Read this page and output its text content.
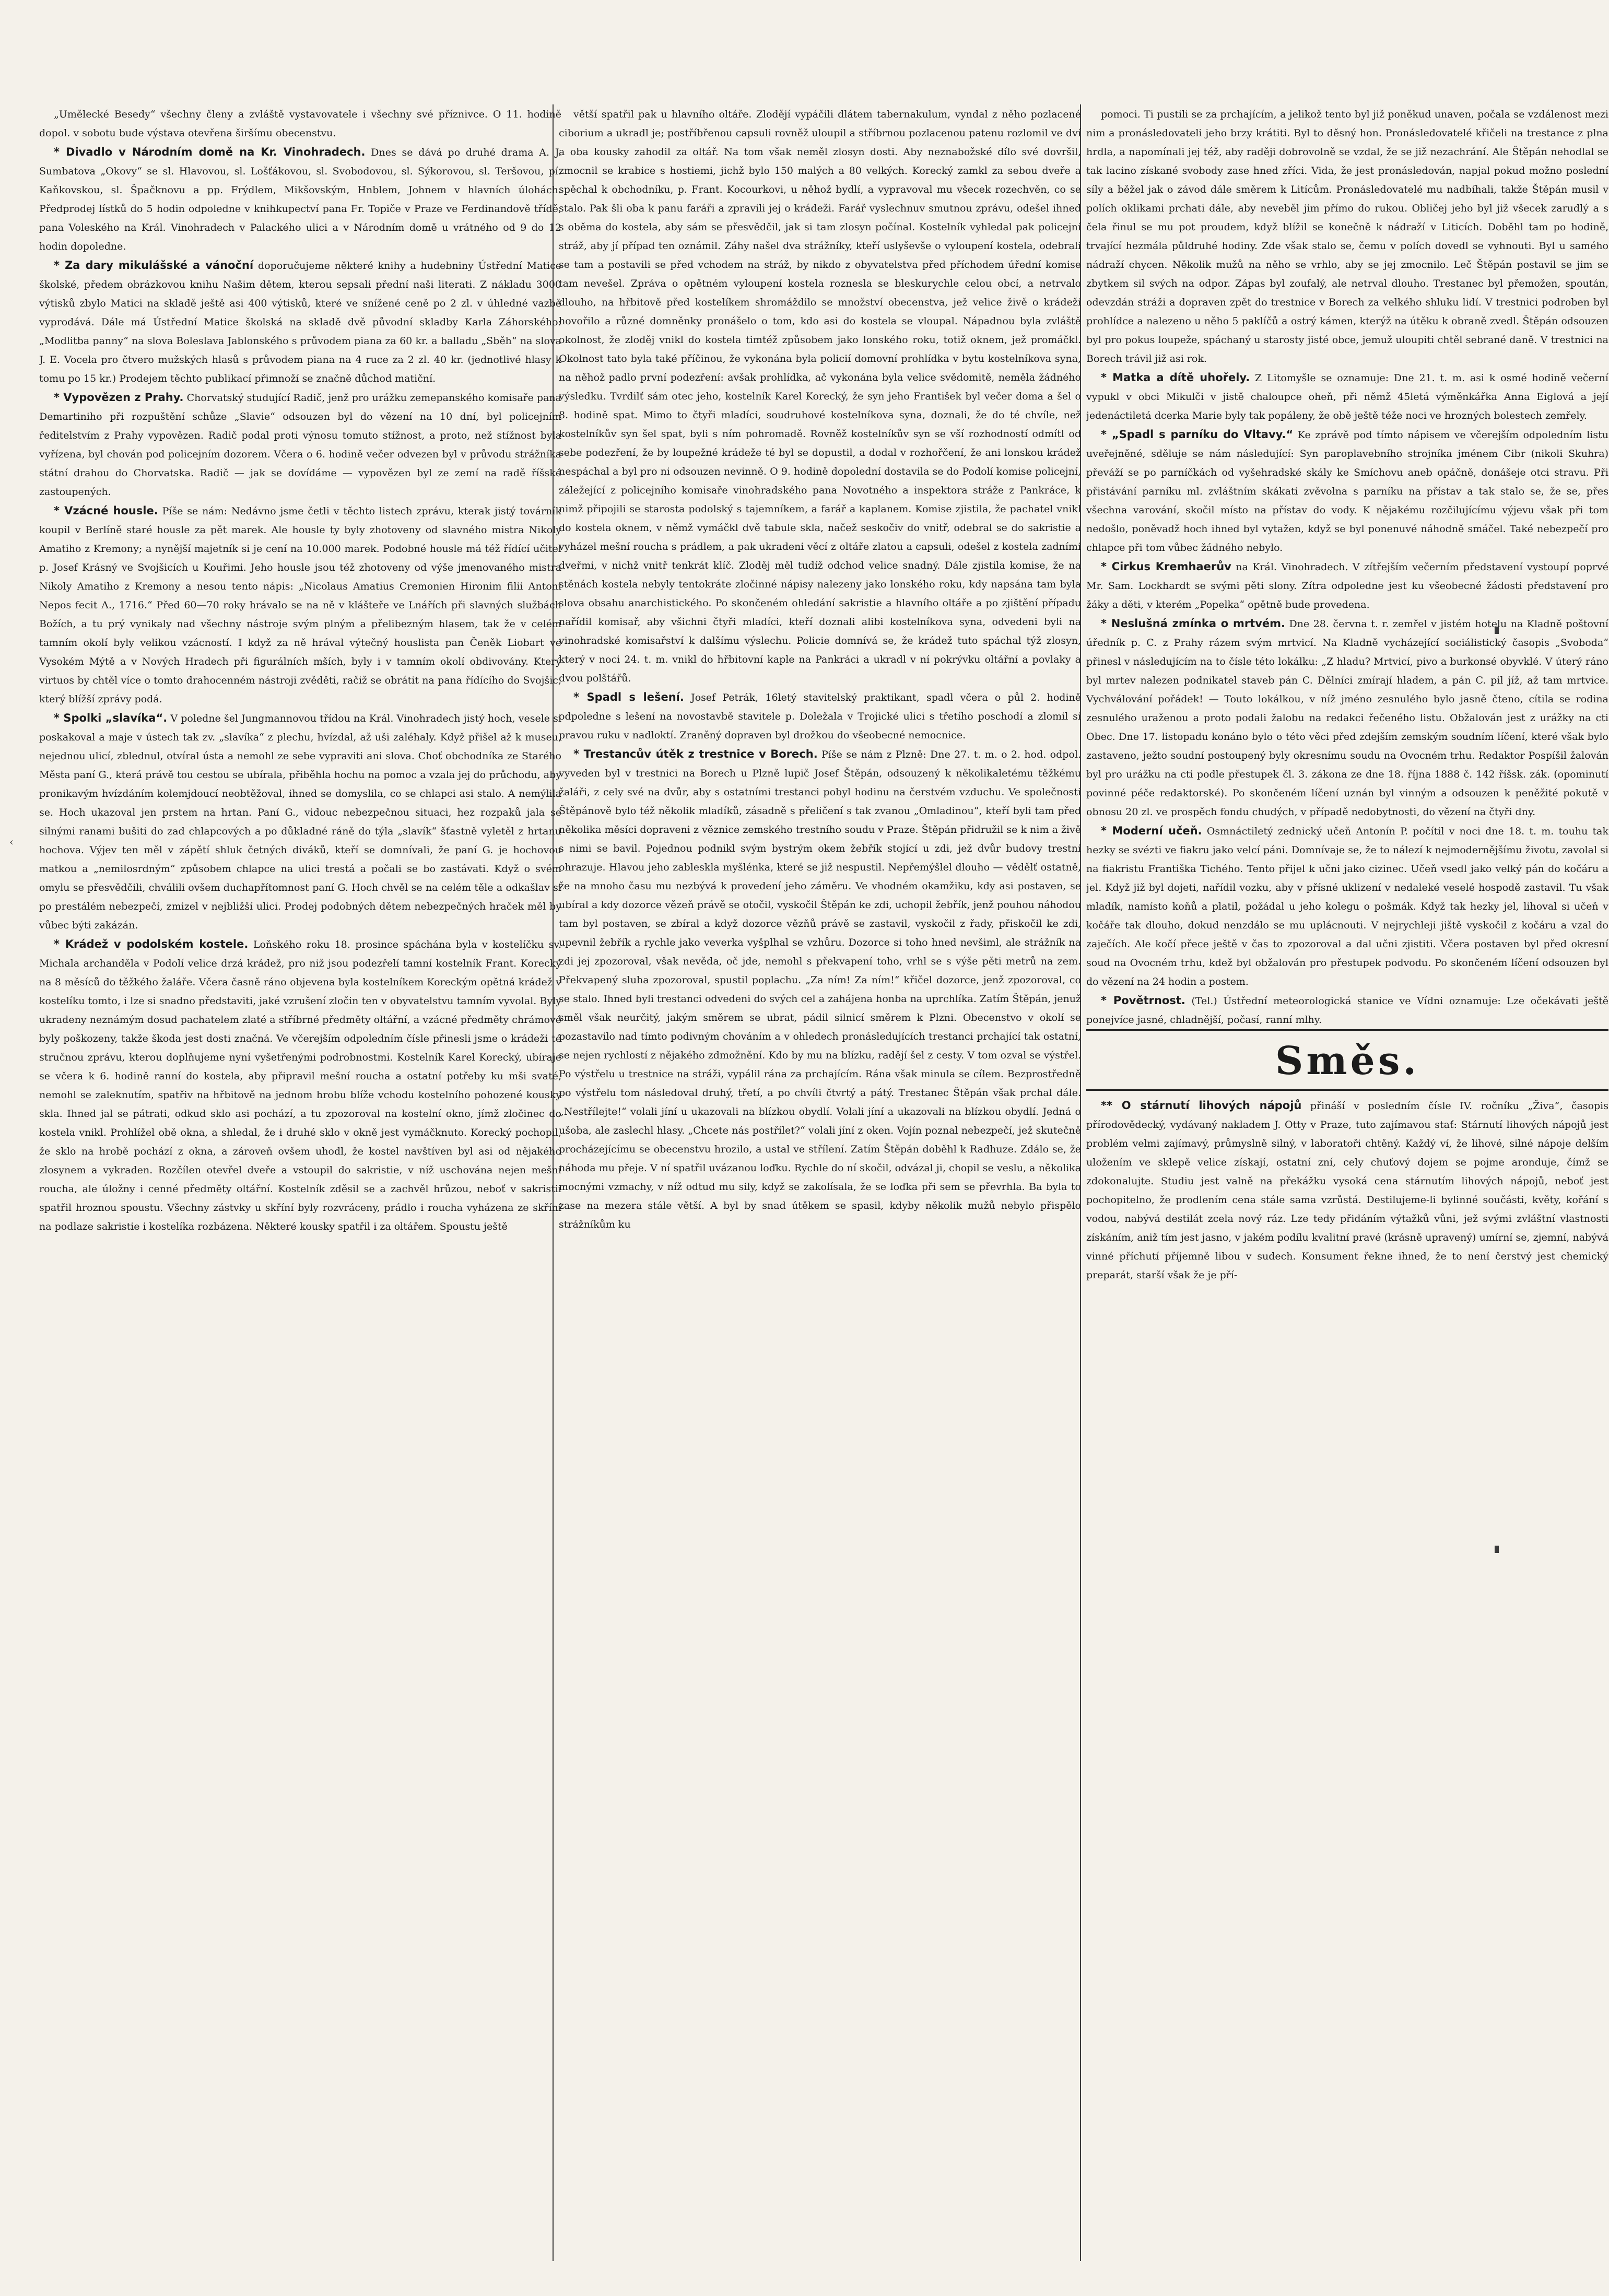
‹

„Umělecké Besedy“ všechny členy a zvláště vystavovatele i všechny své příznivce. O 11. hodině dopol. v sobotu bude výstava otevřena širšímu obecenstvu.

* Divadlo v Národním domě na Kr. Vinohradech. Dnes se dává po druhé drama A. J. Sumbatova „Okovy“ se sl. Hlavovou, sl. Lošťákovou, sl. Svobodovou, sl. Sýkorovou, sl. Teršovou, pí. Kaňkovskou, sl. Špačknovu a pp. Frýdlem, Mikšovským, Hnblem, Johnem v hlavních úlohách. Předprodej lístků do 5 hodin odpoledne v knihkupectví pana Fr. Topiče v Praze ve Ferdinandově třídě, pana Voleského na Král. Vinohradech v Palackého ulici a v Národním domě u vrátného od 9 do 12 hodin dopoledne.

* Za dary mikulášské a vánoční doporučujeme některé knihy a hudebniny Ústřední Matice školské, předem obrázkovou knihu Našim dětem, kterou sepsali přední naši literati. Z nákladu 3000 výtisků zbylo Matici na skladě ještě asi 400 výtisků, které ve snížené ceně po 2 zl. v úhledné vazbě vyprodává. Dále má Ústřední Matice školská na skladě dvě původní skladby Karla Záhorského: „Modlitba panny“ na slova Boleslava Jablonského s průvodem piana za 60 kr. a balladu „Sběh“ na slova J. E. Vocela pro čtvero mužských hlasů s průvodem piana na 4 ruce za 2 zl. 40 kr. (jednotlivé hlasy k tomu po 15 kr.) Prodejem těchto publikací přimnoží se značně důchod matiční.

* Vypovězen z Prahy. Chorvatský studující Radič, jenž pro urážku zemepanského komisaře pana Demartiniho při rozpuštění schůze „Slavie“ odsouzen byl do vězení na 10 dní, byl policejním ředitelstvím z Prahy vypovězen. Radič podal proti výnosu tomuto stížnost, a proto, než stížnost byla vyřízena, byl chován pod policejním dozorem. Včera o 6. hodině večer odvezen byl v průvodu strážníka státní drahou do Chorvatska. Radič — jak se dovídáme — vypovězen byl ze zemí na radě říšské zastoupených.

* Vzácné housle. Píše se nám: Nedávno jsme četli v těchto listech zprávu, kterak jistý továrník koupil v Berlíně staré housle za pět marek. Ale housle ty byly zhotoveny od slavného mistra Nikoly Amatiho z Kremony; a nynější majetník si je cení na 10.000 marek. Podobné housle má též řídící učitel p. Josef Krásný ve Svojšicích u Kouřimi. Jeho housle jsou též zhotoveny od výše jmenovaného mistra Nikoly Amatiho z Kremony a nesou tento nápis: „Nicolaus Amatius Cremonien Hironim filii Antoni Nepos fecit A., 1716.“ Před 60—70 roky hrávalo se na ně v klášteře ve Lnářích při slavných službách Božích, a tu prý vynikaly nad všechny nástroje svým plným a přelibezným hlasem, tak že v celém tamním okolí byly velikou vzácností. I když za ně hrával výtečný houslista pan Čeněk Liobart ve Vysokém Mýtě a v Nových Hradech při figurálních mších, byly i v tamním okolí obdivovány. Který virtuos by chtěl více o tomto drahocenném nástroji zvěděti, račiž se obrátit na pana řídícího do Svojšic, který blížší zprávy podá.

* Spolki „slavíka“. V poledne šel Jungmannovou třídou na Král. Vinohradech jistý hoch, vesele si poskakoval a maje v ústech tak zv. „slavíka“ z plechu, hvízdal, až uši zaléhaly. Když přišel až k museu, nejednou ulicí, zblednul, otvíral ústa a nemohl ze sebe vypraviti ani slova. Choť obchodníka ze Starého Města paní G., která právě tou cestou se ubírala, přiběhla hochu na pomoc a vzala jej do průchodu, aby pronikavým hvízdáním kolemjdoucí neobtěžoval, ihned se domyslila, co se chlapci asi stalo. A nemýlila se. Hoch ukazoval jen prstem na hrtan. Paní G., vidouc nebezpečnou situaci, hez rozpaků jala se silnými ranami bušiti do zad chlapcových a po důkladné ráně do týla „slavík“ šťastně vyletěl z hrtanu hochova. Výjev ten měl v zápětí shluk četných diváků, kteří se domnívali, že paní G. je hochovou matkou a „nemilosrdným“ způsobem chlapce na ulici trestá a počali se bo zastávati. Když o svém omylu se přesvědčili, chválili ovšem duchapřítomnost paní G. Hoch chvěl se na celém těle a odkašlav si po prestálém nebezpečí, zmizel v nejbližší ulici. Prodej podobných dětem nebezpečných hraček měl by vůbec býti zakázán.

* Krádež v podolském kostele. Loňského roku 18. prosince spáchána byla v kostelíčku sv. Michala archanděla v Podolí velice drzá krádež, pro niž jsou podezřelí tamní kostelník Frant. Korecký na 8 měsíců do těžkého žaláře. Včera časně ráno objevena byla kostelníkem Koreckým opětná krádež v kostelíku tomto, i lze si snadno představiti, jaké vzrušení zločin ten v obyvatelstvu tamním vyvolal. Byly ukradeny neznámým dosud pachatelem zlaté a stříbrné předměty oltářní, a vzácné předměty chrámové byly poškozeny, takže škoda jest dosti značná. Ve včerejším odpoledním čísle přinesli jsme o krádeži té stručnou zprávu, kterou doplňujeme nyní vyšetřenými podrobnostmi. Kostelník Karel Korecký, ubíraje se včera k 6. hodině ranní do kostela, aby připravil mešní roucha a ostatní potřeby ku mši svaté, nemohl se zaleknutím, spatřiv na hřbitově na jednom hrobu blíže vchodu kostelního pohozené kousky skla. Ihned jal se pátrati, odkud sklo asi pochází, a tu zpozoroval na kostelní okno, jímž zločinec do kostela vnikl. Prohlížel obě okna, a shledal, že i druhé sklo v okně jest vymáčknuto. Korecký pochopil, že sklo na hrobě pochází z okna, a zároveň ovšem uhodl, že kostel navštíven byl asi od nějakého zlosynem a vykraden. Rozčílen otevřel dveře a vstoupil do sakristie, v níž uschována nejen mešní roucha, ale úložny i cenné předměty oltářní. Kostelník zděsil se a zachvěl hrůzou, neboť v sakristii spatřil hroznou spoustu. Všechny zástvky u skříní byly rozvráceny, prádlo i roucha vyházena ze skříní na podlaze sakristie i kostelíka rozbázena. Některé kousky spatřil i za oltářem. Spoustu ještě

větší spatřil pak u hlavního oltáře. Zlodějí vypáčili dlátem tabernakulum, vyndal z něho pozlacené ciborium a ukradl je; postříbřenou capsuli rovněž uloupil a stříbrnou pozlacenou patenu rozlomil ve dví a oba kousky zahodil za oltář. Na tom však neměl zlosyn dosti. Aby neznabožské dílo své dovršil, zmocnil se krabice s hostiemi, jichž bylo 150 malých a 80 velkých. Korecký zamkl za sebou dveře a spěchal k obchodníku, p. Frant. Kocourkovi, u něhož bydlí, a vypravoval mu všecek rozechvěn, co se stalo. Pak šli oba k panu faráři a zpravili jej o krádeži. Farář vyslechnuv smutnou zprávu, odešel ihned s oběma do kostela, aby sám se přesvědčil, jak si tam zlosyn počínal. Kostelník vyhledal pak policejní stráž, aby jí případ ten oznámil. Záhy našel dva strážníky, kteří uslyševše o vyloupení kostela, odebrali se tam a postavili se před vchodem na stráž, by nikdo z obyvatelstva před příchodem úřední komise tam nevešel. Zpráva o opětném vyloupení kostela roznesla se bleskurychle celou obcí, a netrvalo dlouho, na hřbitově před kostelíkem shromáždilo se množství obecenstva, jež velice živě o krádeži hovořilo a různé domněnky pronášelo o tom, kdo asi do kostela se vloupal. Nápadnou byla zvláště okolnost, že zloděj vnikl do kostela timtéž způsobem jako lonského roku, totiž oknem, jež promáčkl. Okolnost tato byla také příčinou, že vykonána byla policií domovní prohlídka v bytu kostelníkova syna, na něhož padlo první podezření: avšak prohlídka, ač vykonána byla velice svědomitě, neměla žádného výsledku. Tvrdilť sám otec jeho, kostelník Karel Korecký, že syn jeho František byl večer doma a šel o 8. hodině spat. Mimo to čtyři mladíci, soudruhové kostelníkova syna, doznali, že do té chvíle, než kostelníkův syn šel spat, byli s ním pohromadě. Rovněž kostelníkův syn se vší rozhodností odmítl od sebe podezření, že by loupežné krádeže té byl se dopustil, a dodal v rozhořčení, že ani lonskou krádež nespáchal a byl pro ni odsouzen nevinně. O 9. hodině dopolední dostavila se do Podolí komise policejní, záležející z policejního komisaře vinohradského pana Novotného a inspektora stráže z Pankráce, k nimž připojili se starosta podolský s tajemníkem, a farář a kaplanem. Komise zjistila, že pachatel vnikl do kostela oknem, v němž vymáčkl dvě tabule skla, načež seskočiv do vnitř, odebral se do sakristie a vyházel mešní roucha s prádlem, a pak ukradeni věcí z oltáře zlatou a capsuli, odešel z kostela zadními dveřmi, v nichž vnitř tenkrát klíč. Zloděj měl tudíž odchod velice snadný. Dále zjistila komise, že na stěnách kostela nebyly tentokráte zločinné nápisy nalezeny jako lonského roku, kdy napsána tam byla slova obsahu anarchistického. Po skončeném ohledání sakristie a hlavního oltáře a po zjištění případu nařídil komisař, aby všichni čtyři mladíci, kteří doznali alibi kostelníkova syna, odvedeni byli na vinohradské komisařství k dalšímu výslechu. Policie domnívá se, že krádež tuto spáchal týž zlosyn, který v noci 24. t. m. vnikl do hřbitovní kaple na Pankráci a ukradl v ní pokrývku oltářní a povlaky a dvou polštářů.

* Spadl s lešení. Josef Petrák, 16letý stavitelský praktikant, spadl včera o půl 2. hodině odpoledne s lešení na novostavbě stavitele p. Doležala v Trojické ulici s třetího poschodí a zlomil si pravou ruku v nadloktí. Zraněný dopraven byl drožkou do všeobecné nemocnice.

* Trestancův útěk z trestnice v Borech. Píše se nám z Plzně: Dne 27. t. m. o 2. hod. odpol. vyveden byl v trestnici na Borech u Plzně lupič Josef Štěpán, odsouzený k několikaletému těžkému žaláři, z cely své na dvůr, aby s ostatními trestanci pobyl hodinu na čerstvém vzduchu. Ve společnosti Štěpánově bylo též několik mladíků, zásadně s přeličení s tak zvanou „Omladinou“, kteří byli tam před několika měsíci dopraveni z věznice zemského trestního soudu v Praze. Štěpán přidružil se k nim a živě s nimi se bavil. Pojednou podnikl svým bystrým okem žebřík stojící u zdi, jež dvůr budovy trestní ohrazuje. Hlavou jeho zableskla myšlénka, které se již nespustil. Nepřemýšlel dlouho — vědělť ostatně, že na mnoho času mu nezbývá k provedení jeho záměru. Ve vhodném okamžiku, kdy asi postaven, se ubíral a kdy dozorce vězeň právě se otočil, vyskočil Štěpán ke zdi, uchopil žebřík, jenž pouhou náhodou tam byl postaven, se zbíral a když dozorce vězňů právě se zastavil, vyskočil z řady, přiskočil ke zdi, upevnil žebřík a rychle jako veverka vyšplhal se vzhůru. Dozorce si toho hned nevšiml, ale strážník na zdi jej zpozoroval, však nevěda, oč jde, nemohl s překvapení toho, vrhl se s výše pěti metrů na zem. Překvapený sluha zpozoroval, spustil poplachu. „Za ním! Za ním!“ křičel dozorce, jenž zpozoroval, co se stalo. Ihned byli trestanci odvedeni do svých cel a zahájena honba na uprchlíka. Zatím Štěpán, jenuž směl však neurčitý, jakým směrem se ubrat, pádil silnicí směrem k Plzni. Obecenstvo v okolí se pozastavilo nad tímto podivným chováním a v ohledech pronásledujících trestanci prchající tak ostatní, se nejen rychlostí z nějakého zdmožnění. Kdo by mu na blízku, radějí šel z cesty. V tom ozval se výstřel. Po výstřelu u trestnice na stráži, vypálil rána za prchajícím. Rána však minula se cílem. Bezprostředně po výstřelu tom následoval druhý, třetí, a po chvíli čtvrtý a pátý. Trestanec Štěpán však prchal dále. „Nestřílejte!“ volali jíní u ukazovali na blízkou obydlí. Volali jíní a ukazovali na blízkou obydlí. Jedná o ušoba, ale zaslechl hlasy. „Chcete nás postřílet?“ volali jíní z oken. Vojín poznal nebezpečí, jež skutečně procházejícímu se obecenstvu hrozilo, a ustal ve střílení. Zatím Štěpán doběhl k Radhuze. Zdálo se, že náhoda mu přeje. V ní spatřil uvázanou loďku. Rychle do ní skočil, odvázal ji, chopil se veslu, a několika mocnými vzmachy, v níž odtud mu sily, když se zakolísala, že se loďka při sem se převrhla. Ba byla to zase na mezera stále větší. A byl by snad útěkem se spasil, kdyby několik mužů nebylo přispělo strážníkům ku

pomoci. Ti pustili se za prchajícím, a jelikož tento byl již poněkud unaven, počala se vzdálenost mezi nim a pronásledovateli jeho brzy krátiti. Byl to děsný hon. Pronásledovatelé křičeli na trestance z plna hrdla, a napomínali jej též, aby raději dobrovolně se vzdal, že se již nezachrání. Ale Štěpán nehodlal se tak lacino získané svobody zase hned zříci. Vida, že jest pronásledován, napjal pokud možno poslední síly a běžel jak o závod dále směrem k Litícům. Pronásledovatelé mu nadbíhali, takže Štěpán musil v polích oklikami prchati dále, aby neveběl jim přímo do rukou. Obličej jeho byl již všecek zarudlý a s čela řinul se mu pot proudem, když blížil se konečně k nádraží v Liticích. Doběhl tam po hodině, trvající hezmála půldruhé hodiny. Zde však stalo se, čemu v polích dovedl se vyhnouti. Byl u samého nádraží chycen. Několik mužů na něho se vrhlo, aby se jej zmocnilo. Leč Štěpán postavil se jim se zbytkem sil svých na odpor. Zápas byl zoufalý, ale netrval dlouho. Trestanec byl přemožen, spoután, odevzdán stráži a dopraven zpět do trestnice v Borech za velkého shluku lidí. V trestnici podroben byl prohlídce a nalezeno u něho 5 paklíčů a ostrý kámen, kterýž na útěku k obraně zvedl. Štěpán odsouzen byl pro pokus loupeže, spáchaný u starosty jisté obce, jemuž uloupiti chtěl sebrané daně. V trestnici na Borech trávil již asi rok.

* Matka a dítě uhořely. Z Litomyšle se oznamuje: Dne 21. t. m. asi k osmé hodině večerní vypukl v obci Mikulči v jistě chaloupce oheň, při němž 45letá výměnkářka Anna Eiglová a její jedenáctiletá dcerka Marie byly tak popáleny, že obě ještě téže noci ve hrozných bolestech zemřely.

* „Spadl s parníku do Vltavy.“ Ke zprávě pod tímto nápisem ve včerejším odpoledním listu uveřejněné, sděluje se nám následující: Syn paroplavebního strojníka jménem Cibr (nikoli Skuhra) převáží se po parníčkách od vyšehradské skály ke Smíchovu aneb opáčně, donášeje otci stravu. Při přistávání parníku ml. zvláštním skákati zvěvolna s parníku na přístav a tak stalo se, že se, přes všechna varování, skočil místo na přístav do vody. K nějakému rozčilujícímu výjevu však při tom nedošlo, poněvadž hoch ihned byl vytažen, když se byl ponenuvé náhodně smáčel. Také nebezpečí pro chlapce při tom vůbec žádného nebylo.

* Cirkus Kremhaerův na Král. Vinohradech. V zítřejším večerním představení vystoupí poprvé Mr. Sam. Lockhardt se svými pěti slony. Zítra odpoledne jest ku všeobecné žádosti představení pro žáky a děti, v kterém „Popelka“ opětně bude provedena.

* Neslušná zmínka o mrtvém. Dne 28. června t. r. zemřel v jistém hotelu na Kladně poštovní úředník p. C. z Prahy rázem svým mrtvicí. Na Kladně vycházející sociálistický časopis „Svoboda“ přinesl v následujícím na to čísle této lokálku: „Z hladu? Mrtvicí, pivo a burkonsé obyvklé. V úterý ráno byl mrtev nalezen podnikatel staveb pán C. Dělníci zmírají hladem, a pán C. pil jíž, až tam mrtvice. Vychválování pořádek! — Touto lokálkou, v níž jméno zesnulého bylo jasně čteno, cítila se rodina zesnulého uraženou a proto podali žalobu na redakci řečeného listu. Obžalován jest z urážky na cti Obec. Dne 17. listopadu konáno bylo o této věci před zdejším zemským soudním líčení, které však bylo zastaveno, ježto soudní postoupený byly okresnímu soudu na Ovocném trhu. Redaktor Pospíšil žalován byl pro urážku na cti podle přestupek čl. 3. zákona ze dne 18. října 1888 č. 142 říšsk. zák. (opominutí povinné péče redaktorské). Po skončeném líčení uznán byl vinným a odsouzen k peněžité pokutě v obnosu 20 zl. ve prospěch fondu chudých, v případě nedobytnosti, do vězení na čtyři dny.

* Moderní učeň. Osmnáctiletý zednický učeň Antonín P. počítil v noci dne 18. t. m. touhu tak hezky se svézti ve fiakru jako velcí páni. Domnívaje se, že to nálezí k nejmodernějšímu životu, zavolal si na fiakristu Františka Tichého. Tento přijel k učni jako cizinec. Učeň vsedl jako velký pán do kočáru a jel. Když již byl dojeti, nařídil vozku, aby v přísné uklizení v nedaleké veselé hospodě zastavil. Tu však mladík, namísto koňů a platil, požádal u jeho kolegu o pošmák. Když tak hezky jel, lihoval si učeň v kočáře tak dlouho, dokud nenzdálo se mu uplácnouti. V nejrychleji jiště vyskočil z kočáru a vzal do zaječích. Ale kočí přece ještě v čas to zpozoroval a dal učni zjistiti. Včera postaven byl před okresní soud na Ovocném trhu, kdež byl obžalován pro přestupek podvodu. Po skončeném líčení odsouzen byl do vězení na 24 hodin a postem.

* Povětrnost. (Tel.) Ústřední meteorologická stanice ve Vídni oznamuje: Lze očekávati ještě ponejvíce jasné, chladnější, počasí, ranní mlhy.

Směs.

** O stárnutí lihových nápojů přináší v posledním čísle IV. ročníku „Živa“, časopis přírodovědecký, vydávaný nakladem J. Otty v Praze, tuto zajímavou stať: Stárnutí lihových nápojů jest problém velmi zajímavý, průmyslně silný, v laboratoři chtěný. Každý ví, že lihové, silné nápoje delším uložením ve sklepě velice získají, ostatní zní, cely chuťový dojem se pojme aronduje, čímž se zdokonalujte. Studiu jest valně na překážku vysoká cena stárnutím lihových nápojů, neboť jest pochopitelno, že prodlením cena stále sama vzrůstá. Destilujeme-li bylinné součásti, květy, kořání s vodou, nabývá destilát zcela nový ráz. Lze tedy přidáním výtažků vůni, jež svými zvláštní vlastnosti získáním, aniž tím jest jasno, v jakém podílu kvalitní pravé (krásně upravený) umírní se, zjemní, nabývá vinné příchutí příjemně libou v sudech. Konsument řekne ihned, že to není čerstvý jest chemický preparát, starší však že je pří-
